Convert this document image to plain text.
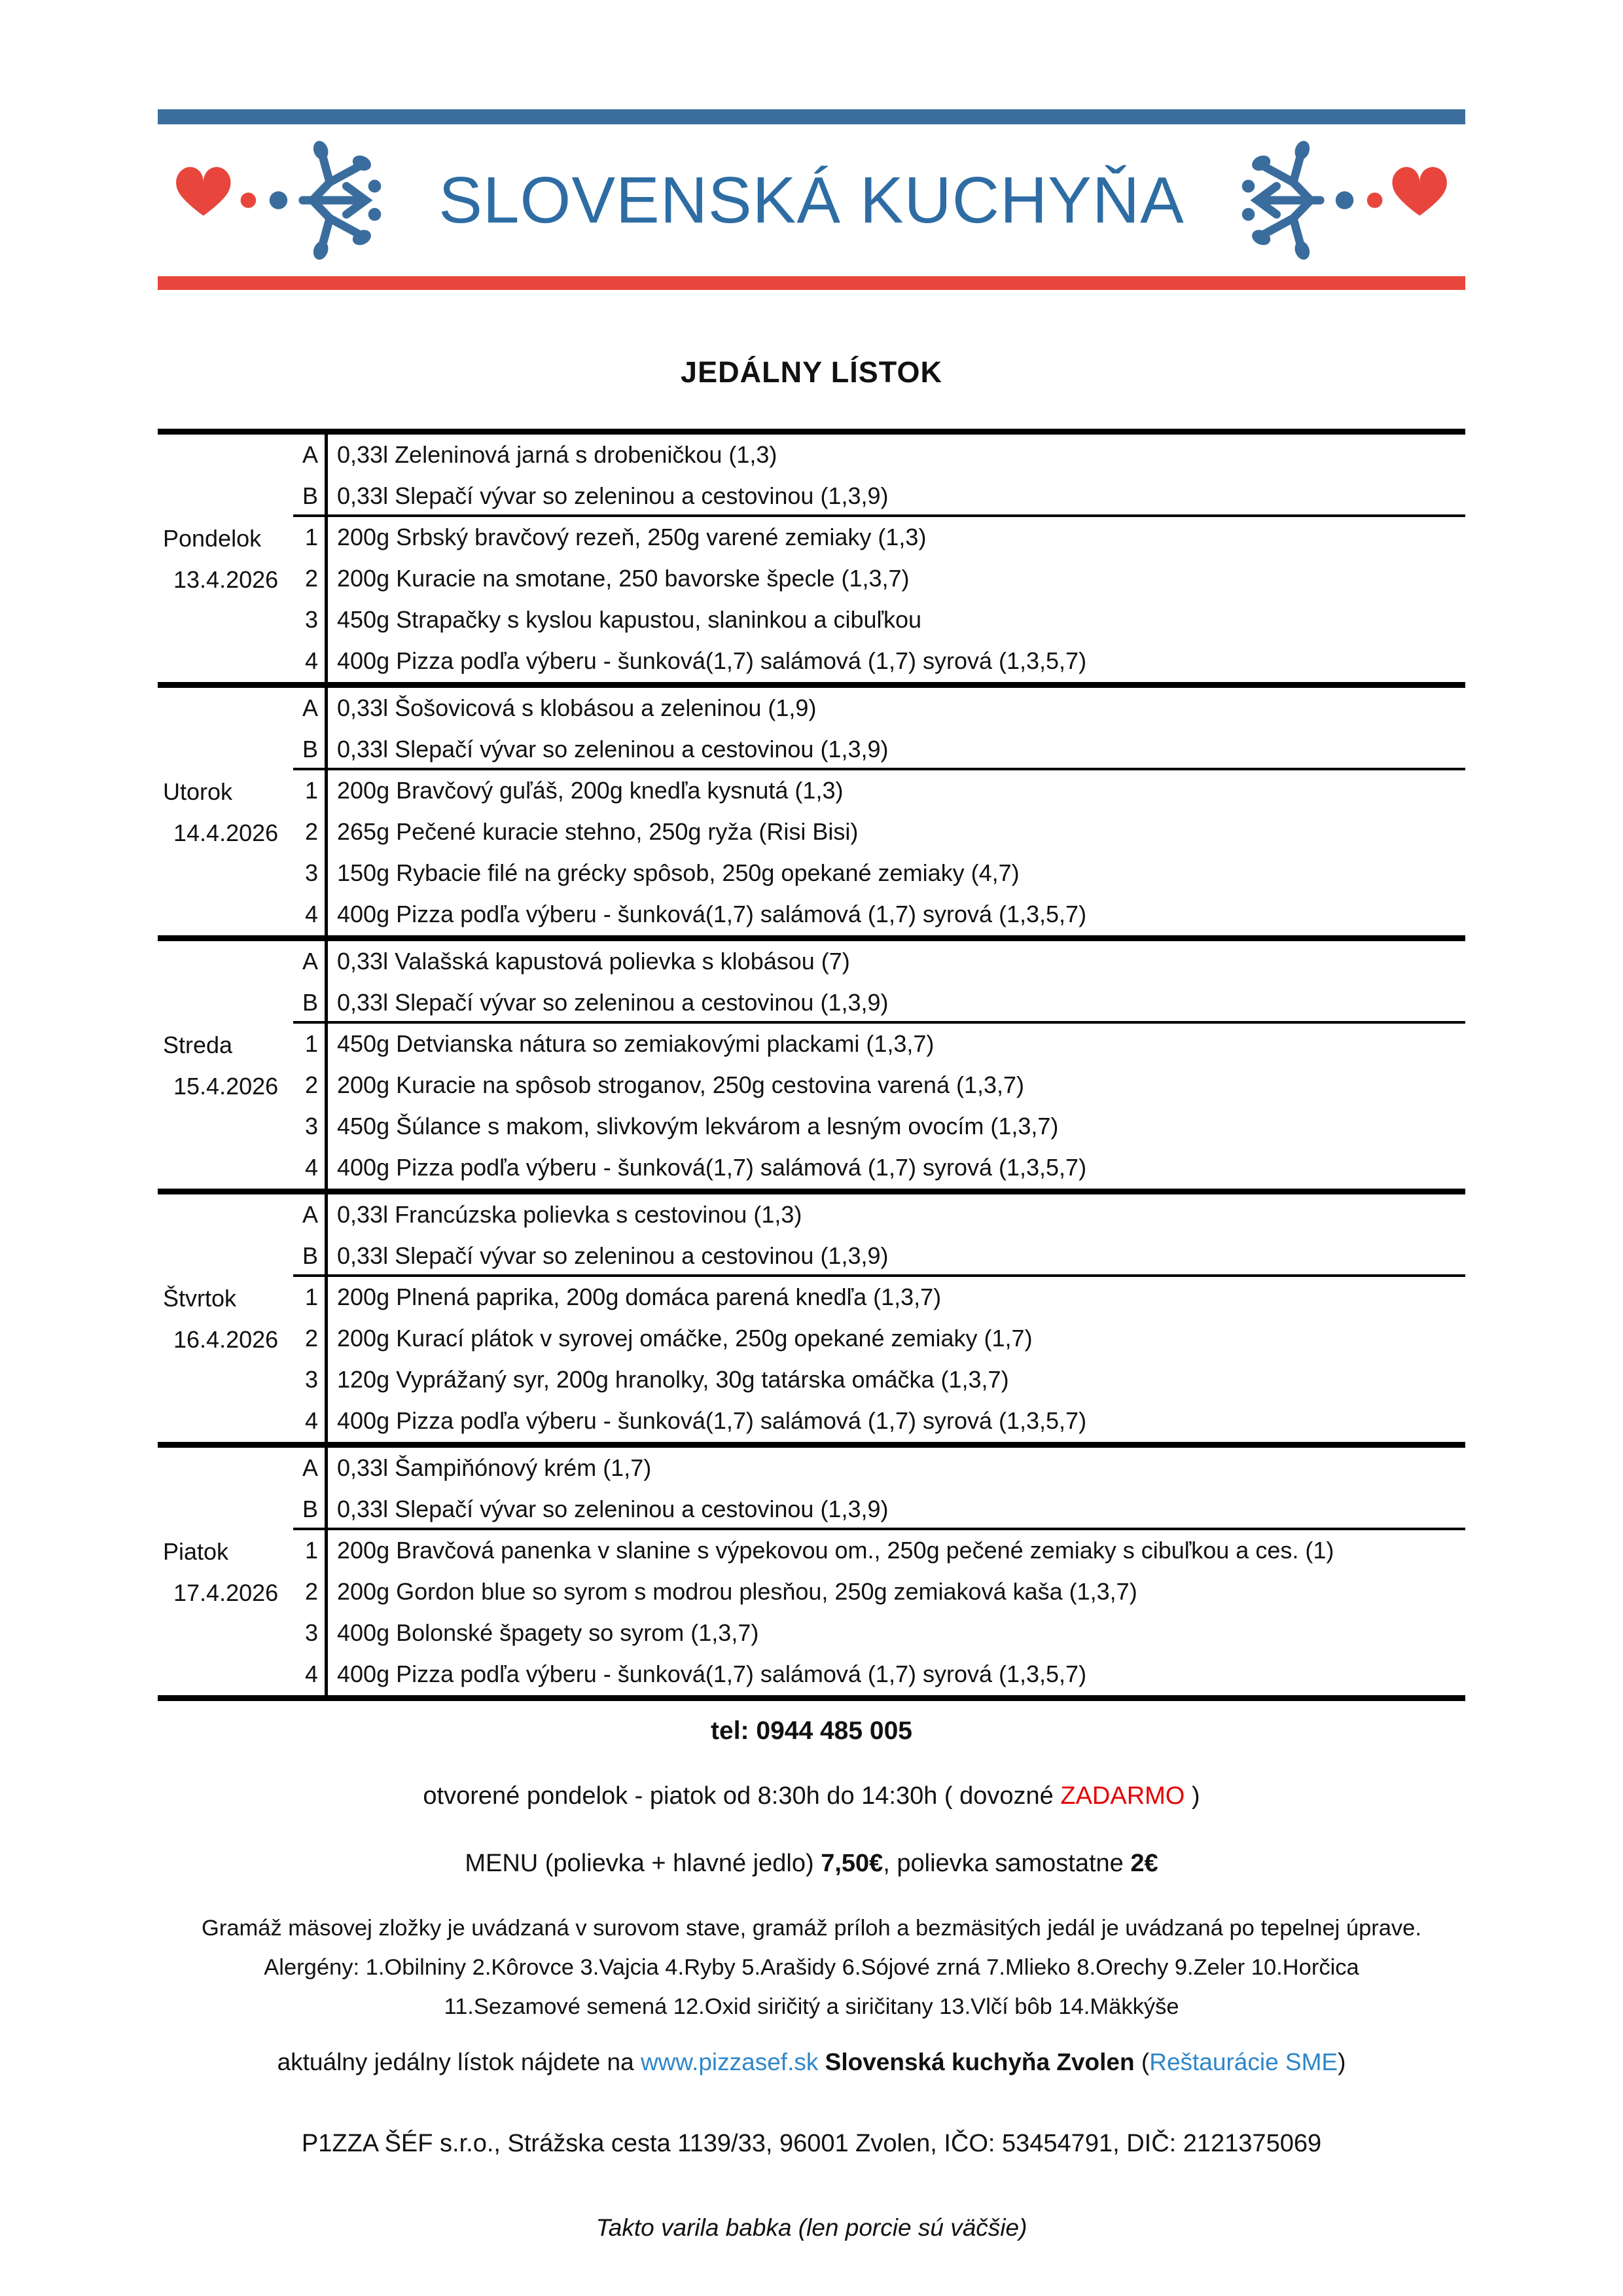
SLOVENSKÁ KUCHYŇA
JEDÁLNY LÍSTOK
Pondelok
13.4.2026
A 0,33l Zeleninová jarná s drobeničkou (1,3)
B 0,33l Slepačí vývar so zeleninou a cestovinou (1,3,9)
1 200g Srbský bravčový rezeň, 250g varené zemiaky (1,3)
2 200g Kuracie na smotane, 250 bavorske špecle (1,3,7)
3 450g Strapačky s kyslou kapustou, slaninkou a cibuľkou
4 400g Pizza podľa výberu - šunková(1,7) salámová (1,7) syrová (1,3,5,7)
Utorok
14.4.2026
A 0,33l Šošovicová s klobásou a zeleninou (1,9)
B 0,33l Slepačí vývar so zeleninou a cestovinou (1,3,9)
1 200g Bravčový guľáš, 200g knedľa kysnutá (1,3)
2 265g Pečené kuracie stehno, 250g ryža (Risi Bisi)
3 150g Rybacie filé na grécky spôsob, 250g opekané zemiaky (4,7)
4 400g Pizza podľa výberu - šunková(1,7) salámová (1,7) syrová (1,3,5,7)
Streda
15.4.2026
A 0,33l Valašská kapustová polievka s klobásou (7)
B 0,33l Slepačí vývar so zeleninou a cestovinou (1,3,9)
1 450g Detvianska nátura so zemiakovými plackami (1,3,7)
2 200g Kuracie na spôsob stroganov, 250g cestovina varená (1,3,7)
3 450g Šúlance s makom, slivkovým lekvárom a lesným ovocím (1,3,7)
4 400g Pizza podľa výberu - šunková(1,7) salámová (1,7) syrová (1,3,5,7)
Štvrtok
16.4.2026
A 0,33l Francúzska polievka s cestovinou (1,3)
B 0,33l Slepačí vývar so zeleninou a cestovinou (1,3,9)
1 200g Plnená paprika, 200g domáca parená knedľa (1,3,7)
2 200g Kurací plátok v syrovej omáčke, 250g opekané zemiaky (1,7)
3 120g Vyprážaný syr, 200g hranolky, 30g tatárska omáčka (1,3,7)
4 400g Pizza podľa výberu - šunková(1,7) salámová (1,7) syrová (1,3,5,7)
Piatok
17.4.2026
A 0,33l Šampiňónový krém (1,7)
B 0,33l Slepačí vývar so zeleninou a cestovinou (1,3,9)
1 200g Bravčová panenka v slanine s výpekovou om., 250g pečené zemiaky s cibuľkou a ces. (1)
2 200g Gordon blue so syrom s modrou plesňou, 250g zemiaková kaša (1,3,7)
3 400g Bolonské špagety so syrom (1,3,7)
4 400g Pizza podľa výberu - šunková(1,7) salámová (1,7) syrová (1,3,5,7)
tel: 0944 485 005
otvorené pondelok - piatok od 8:30h do 14:30h ( dovozné ZADARMO )
MENU (polievka + hlavné jedlo) 7,50€, polievka samostatne 2€
Gramáž mäsovej zložky je uvádzaná v surovom stave, gramáž príloh a bezmäsitých jedál je uvádzaná po tepelnej úprave.
Alergény: 1.Obilniny 2.Kôrovce 3.Vajcia 4.Ryby 5.Arašidy 6.Sójové zrná 7.Mlieko 8.Orechy 9.Zeler 10.Horčica
11.Sezamové semená 12.Oxid siričitý a siričitany 13.Vlčí bôb 14.Mäkkýše
aktuálny jedálny lístok nájdete na www.pizzasef.sk Slovenská kuchyňa Zvolen (Reštaurácie SME)
P1ZZA ŠÉF s.r.o., Strážska cesta 1139/33, 96001 Zvolen, IČO: 53454791, DIČ: 2121375069
Takto varila babka (len porcie sú väčšie)
